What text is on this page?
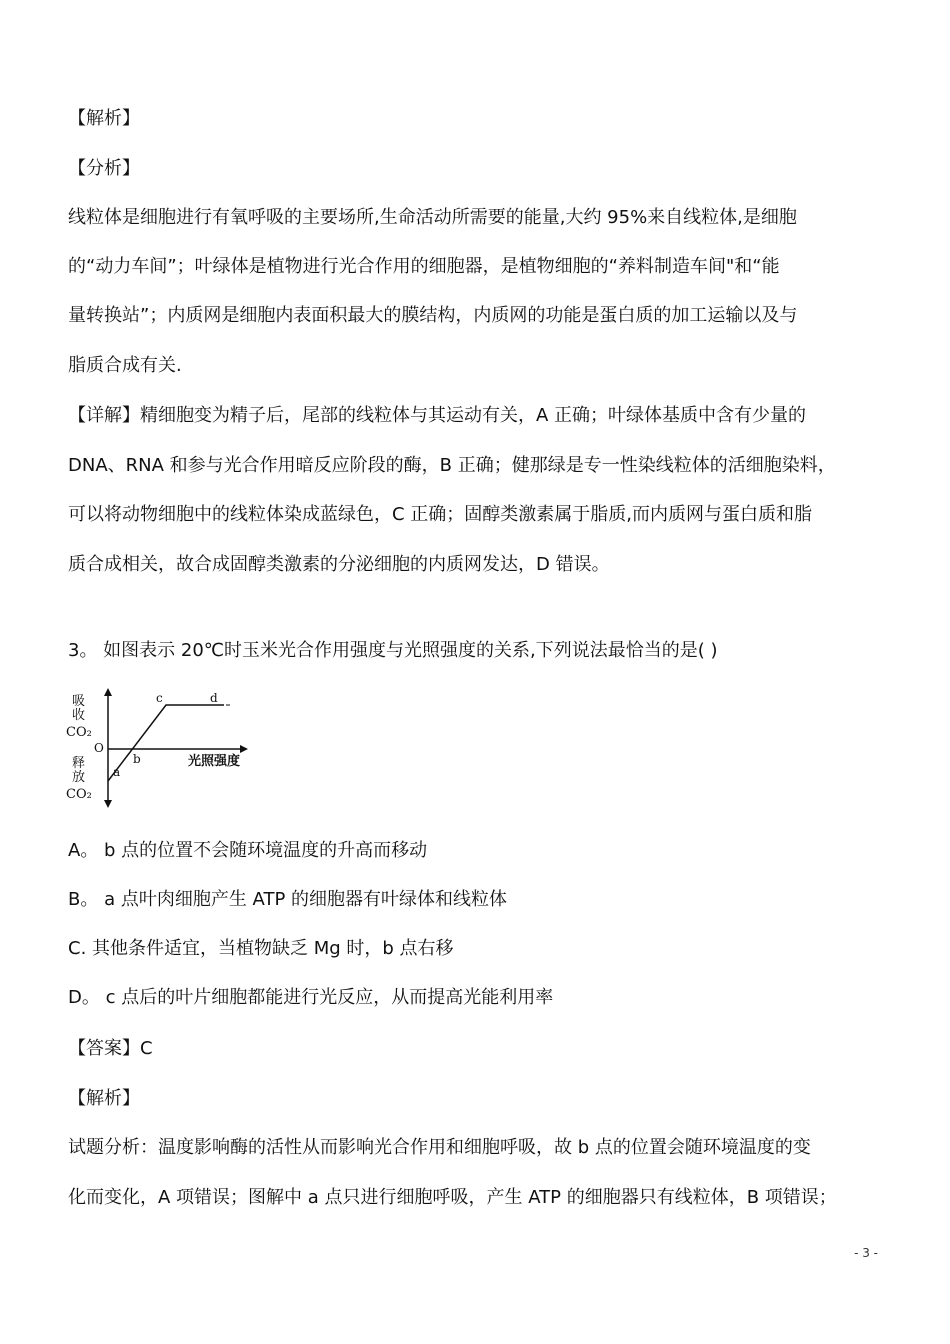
【解析】
【分析】
线粒体是细胞进行有氧呼吸的主要场所,生命活动所需要的能量,大约 95%来自线粒体,是细胞
的“动力车间”；叶绿体是植物进行光合作用的细胞器，是植物细胞的“养料制造车间"和“能
量转换站”；内质网是细胞内表面积最大的膜结构，内质网的功能是蛋白质的加工运输以及与
脂质合成有关.
【详解】精细胞变为精子后，尾部的线粒体与其运动有关，A 正确；叶绿体基质中含有少量的
DNA、RNA 和参与光合作用暗反应阶段的酶，B 正确；健那绿是专一性染线粒体的活细胞染料，
可以将动物细胞中的线粒体染成蓝绿色，C 正确；固醇类激素属于脂质,而内质网与蛋白质和脂
质合成相关，故合成固醇类激素的分泌细胞的内质网发达，D 错误。
3。 如图表示 20℃时玉米光合作用强度与光照强度的关系,下列说法最恰当的是( )
吸
收
CO₂
O
释
放
CO₂
光照强度
a
b
c	d
A。 b 点的位置不会随环境温度的升高而移动
B。 a 点叶肉细胞产生 ATP 的细胞器有叶绿体和线粒体
C. 其他条件适宜，当植物缺乏 Mg 时，b 点右移
D。 c 点后的叶片细胞都能进行光反应，从而提高光能利用率
【答案】C
【解析】
试题分析：温度影响酶的活性从而影响光合作用和细胞呼吸，故 b 点的位置会随环境温度的变
化而变化，A 项错误；图解中 a 点只进行细胞呼吸，产生 ATP 的细胞器只有线粒体，B 项错误；
- 3 -
